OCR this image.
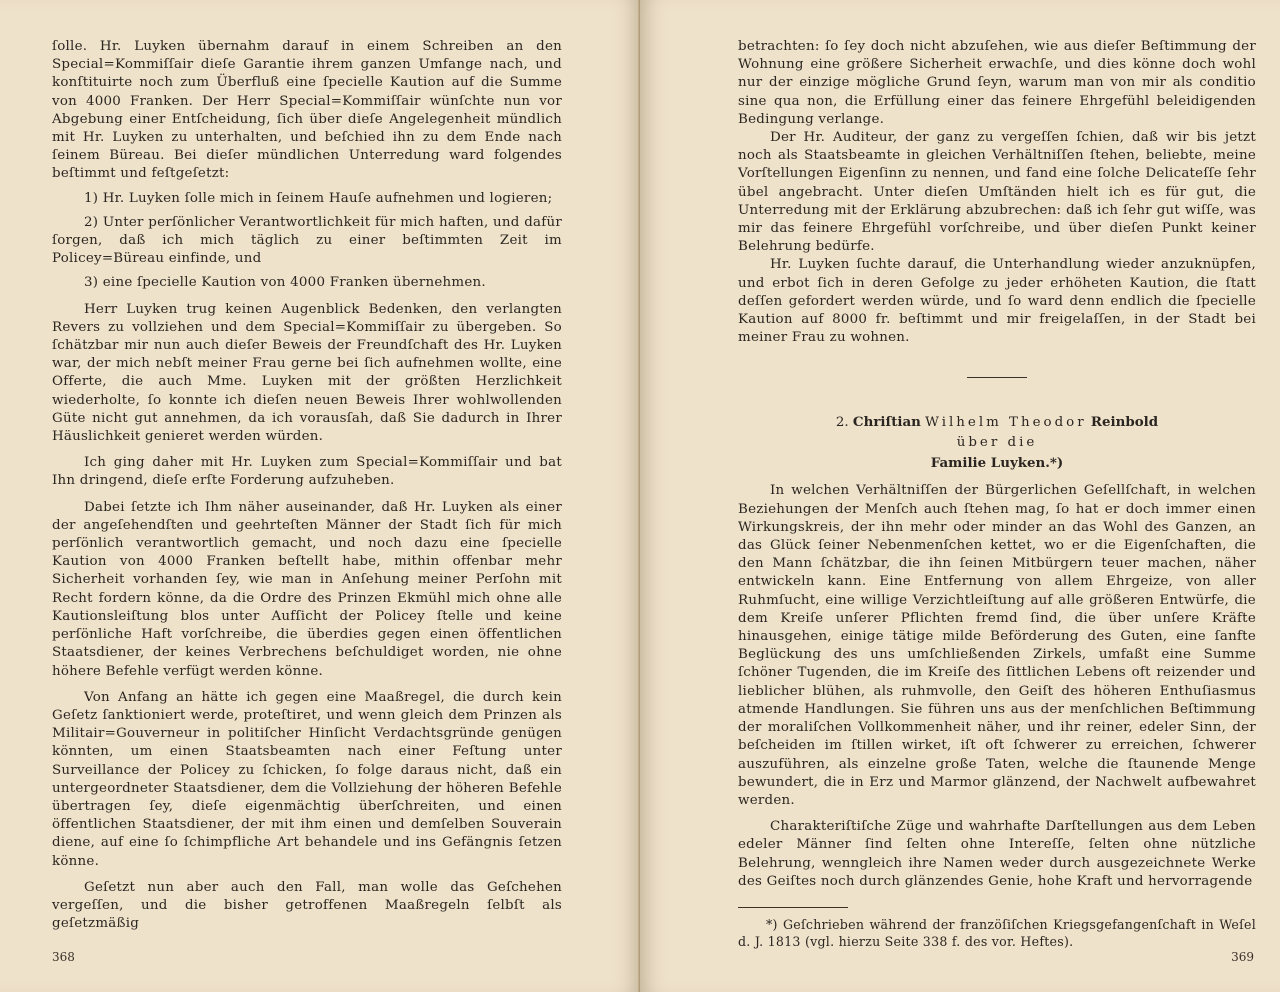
ſolle. Hr. Luyken übernahm darauf in einem Schreiben an den Special=Kommiſſair dieſe Garantie ihrem ganzen Umfange nach, und konſtituirte noch zum Überfluß eine ſpecielle Kaution auf die Summe von 4000 Franken. Der Herr Special=Kommiſſair wünſchte nun vor Abgebung einer Entſcheidung, ſich über dieſe Angelegenheit mündlich mit Hr. Luyken zu unterhalten, und beſchied ihn zu dem Ende nach ſeinem Büreau. Bei dieſer mündlichen Unterredung ward folgendes beſtimmt und feſtgeſetzt:

1) Hr. Luyken ſolle mich in ſeinem Hauſe aufnehmen und logieren;

2) Unter perſönlicher Verantwortlichkeit für mich haften, und dafür ſorgen, daß ich mich täglich zu einer beſtimmten Zeit im Policey=Büreau einfinde, und

3) eine ſpecielle Kaution von 4000 Franken übernehmen.

Herr Luyken trug keinen Augenblick Bedenken, den verlangten Revers zu vollziehen und dem Special=Kommiſſair zu übergeben. So ſchätzbar mir nun auch dieſer Beweis der Freundſchaft des Hr. Luyken war, der mich nebſt meiner Frau gerne bei ſich aufnehmen wollte, eine Offerte, die auch Mme. Luyken mit der größten Herzlichkeit wiederholte, ſo konnte ich dieſen neuen Beweis Ihrer wohlwollenden Güte nicht gut annehmen, da ich vorausſah, daß Sie dadurch in Ihrer Häuslichkeit genieret werden würden.

Ich ging daher mit Hr. Luyken zum Special=Kommiſſair und bat Ihn dringend, dieſe erſte Forderung aufzuheben.

Dabei ſetzte ich Ihm näher auseinander, daß Hr. Luyken als einer der angeſehendſten und geehrteſten Männer der Stadt ſich für mich perſönlich verantwortlich gemacht, und noch dazu eine ſpecielle Kaution von 4000 Franken beſtellt habe, mithin offenbar mehr Sicherheit vorhanden ſey, wie man in Anſehung meiner Perſohn mit Recht fordern könne, da die Ordre des Prinzen Ekmühl mich ohne alle Kautionsleiſtung blos unter Aufſicht der Policey ſtelle und keine perſönliche Haft vorſchreibe, die überdies gegen einen öffentlichen Staatsdiener, der keines Verbrechens beſchuldiget worden, nie ohne höhere Befehle verfügt werden könne.

Von Anfang an hätte ich gegen eine Maaßregel, die durch kein Geſetz ſanktioniert werde, proteſtiret, und wenn gleich dem Prinzen als Militair=Gouverneur in politiſcher Hinſicht Verdachtsgründe genügen könnten, um einen Staatsbeamten nach einer Feſtung unter Surveillance der Policey zu ſchicken, ſo folge daraus nicht, daß ein untergeordneter Staatsdiener, dem die Vollziehung der höheren Befehle übertragen ſey, dieſe eigenmächtig überſchreiten, und einen öffentlichen Staatsdiener, der mit ihm einen und demſelben Souverain diene, auf eine ſo ſchimpfliche Art behandele und ins Gefängnis ſetzen könne.

Geſetzt nun aber auch den Fall, man wolle das Geſchehen vergeſſen, und die bisher getroffenen Maaßregeln ſelbſt als geſetzmäßig

368

betrachten: ſo ſey doch nicht abzuſehen, wie aus dieſer Beſtimmung der Wohnung eine größere Sicherheit erwachſe, und dies könne doch wohl nur der einzige mögliche Grund ſeyn, warum man von mir als conditio sine qua non, die Erfüllung einer das feinere Ehrgefühl beleidigenden Bedingung verlange.

Der Hr. Auditeur, der ganz zu vergeſſen ſchien, daß wir bis jetzt noch als Staatsbeamte in gleichen Verhältniſſen ſtehen, beliebte, meine Vorſtellungen Eigenſinn zu nennen, und fand eine ſolche Delicateſſe ſehr übel angebracht. Unter dieſen Umſtänden hielt ich es für gut, die Unterredung mit der Erklärung abzubrechen: daß ich ſehr gut wiſſe, was mir das feinere Ehrgefühl vorſchreibe, und über dieſen Punkt keiner Belehrung bedürfe.

Hr. Luyken ſuchte darauf, die Unterhandlung wieder anzuknüpfen, und erbot ſich in deren Gefolge zu jeder erhöheten Kaution, die ſtatt deſſen gefordert werden würde, und ſo ward denn endlich die ſpecielle Kaution auf 8000 fr. beſtimmt und mir freigelaſſen, in der Stadt bei meiner Frau zu wohnen.

2. Chriſtian Wilhelm Theodor Reinbold
über die
Familie Luyken.*)

In welchen Verhältniſſen der Bürgerlichen Geſellſchaft, in welchen Beziehungen der Menſch auch ſtehen mag, ſo hat er doch immer einen Wirkungskreis, der ihn mehr oder minder an das Wohl des Ganzen, an das Glück ſeiner Nebenmenſchen kettet, wo er die Eigenſchaften, die den Mann ſchätzbar, die ihn ſeinen Mitbürgern teuer machen, näher entwickeln kann. Eine Entfernung von allem Ehrgeize, von aller Ruhmſucht, eine willige Verzichtleiſtung auf alle größeren Entwürfe, die dem Kreiſe unſerer Pflichten fremd ſind, die über unſere Kräfte hinausgehen, einige tätige milde Beförderung des Guten, eine ſanfte Beglückung des uns umſchließenden Zirkels, umfaßt eine Summe ſchöner Tugenden, die im Kreiſe des ſittlichen Lebens oft reizender und lieblicher blühen, als ruhmvolle, den Geiſt des höheren Enthuſiasmus atmende Handlungen. Sie führen uns aus der menſchlichen Beſtimmung der moraliſchen Vollkommenheit näher, und ihr reiner, edeler Sinn, der beſcheiden im ſtillen wirket, iſt oft ſchwerer zu erreichen, ſchwerer auszuführen, als einzelne große Taten, welche die ſtaunende Menge bewundert, die in Erz und Marmor glänzend, der Nachwelt aufbewahret werden.

Charakteriſtiſche Züge und wahrhafte Darſtellungen aus dem Leben edeler Männer ſind ſelten ohne Intereſſe, ſelten ohne nützliche Belehrung, wenngleich ihre Namen weder durch ausgezeichnete Werke des Geiſtes noch durch glänzendes Genie, hohe Kraft und hervorragende

*) Geſchrieben während der franzöſiſchen Kriegsgefangenſchaft in Weſel d. J. 1813 (vgl. hierzu Seite 338 f. des vor. Heftes).

369
